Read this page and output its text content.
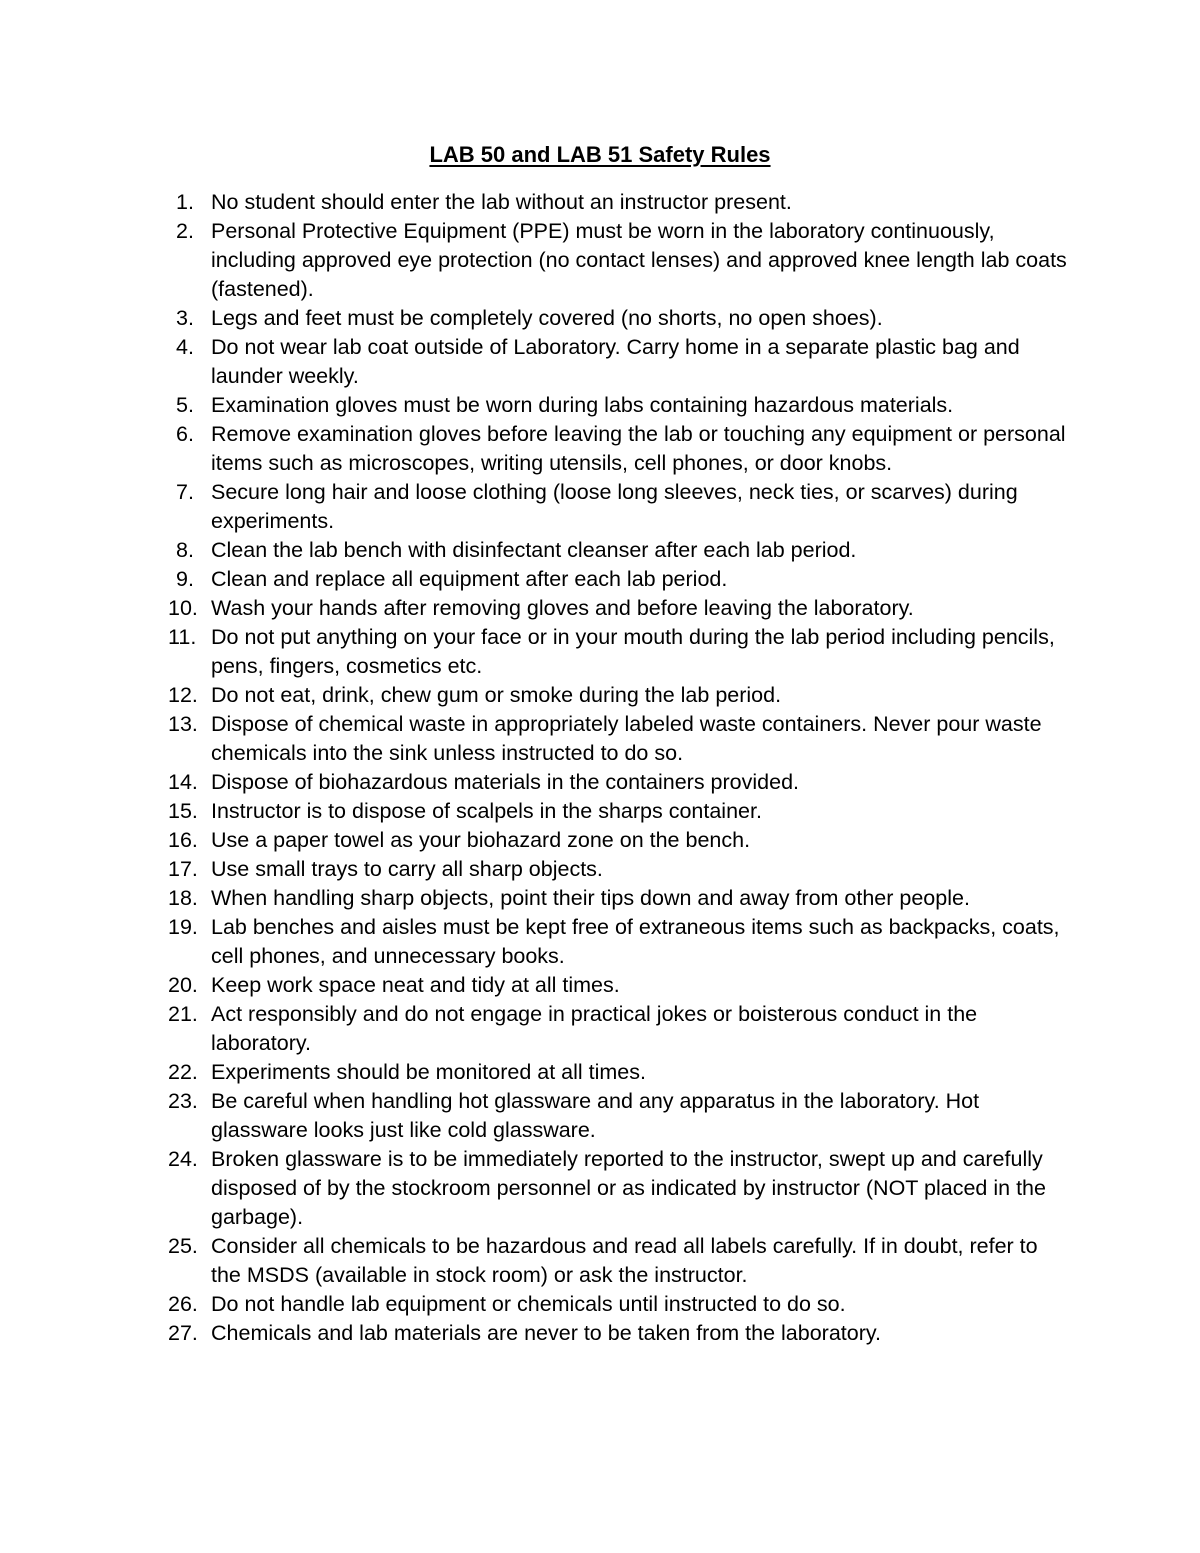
LAB 50 and LAB 51 Safety Rules
1. No student should enter the lab without an instructor present.
2. Personal Protective Equipment (PPE) must be worn in the laboratory continuously, including approved eye protection (no contact lenses) and approved knee length lab coats (fastened).
3. Legs and feet must be completely covered (no shorts, no open shoes).
4. Do not wear lab coat outside of Laboratory. Carry home in a separate plastic bag and launder weekly.
5. Examination gloves must be worn during labs containing hazardous materials.
6. Remove examination gloves before leaving the lab or touching any equipment or personal items such as microscopes, writing utensils, cell phones, or door knobs.
7. Secure long hair and loose clothing (loose long sleeves, neck ties, or scarves) during experiments.
8. Clean the lab bench with disinfectant cleanser after each lab period.
9. Clean and replace all equipment after each lab period.
10. Wash your hands after removing gloves and before leaving the laboratory.
11. Do not put anything on your face or in your mouth during the lab period including pencils, pens, fingers, cosmetics etc.
12. Do not eat, drink, chew gum or smoke during the lab period.
13. Dispose of chemical waste in appropriately labeled waste containers. Never pour waste chemicals into the sink unless instructed to do so.
14. Dispose of biohazardous materials in the containers provided.
15. Instructor is to dispose of scalpels in the sharps container.
16. Use a paper towel as your biohazard zone on the bench.
17. Use small trays to carry all sharp objects.
18. When handling sharp objects, point their tips down and away from other people.
19. Lab benches and aisles must be kept free of extraneous items such as backpacks, coats, cell phones, and unnecessary books.
20. Keep work space neat and tidy at all times.
21. Act responsibly and do not engage in practical jokes or boisterous conduct in the laboratory.
22. Experiments should be monitored at all times.
23. Be careful when handling hot glassware and any apparatus in the laboratory. Hot glassware looks just like cold glassware.
24. Broken glassware is to be immediately reported to the instructor, swept up and carefully disposed of by the stockroom personnel or as indicated by instructor (NOT placed in the garbage).
25. Consider all chemicals to be hazardous and read all labels carefully. If in doubt, refer to the MSDS (available in stock room) or ask the instructor.
26. Do not handle lab equipment or chemicals until instructed to do so.
27. Chemicals and lab materials are never to be taken from the laboratory.
